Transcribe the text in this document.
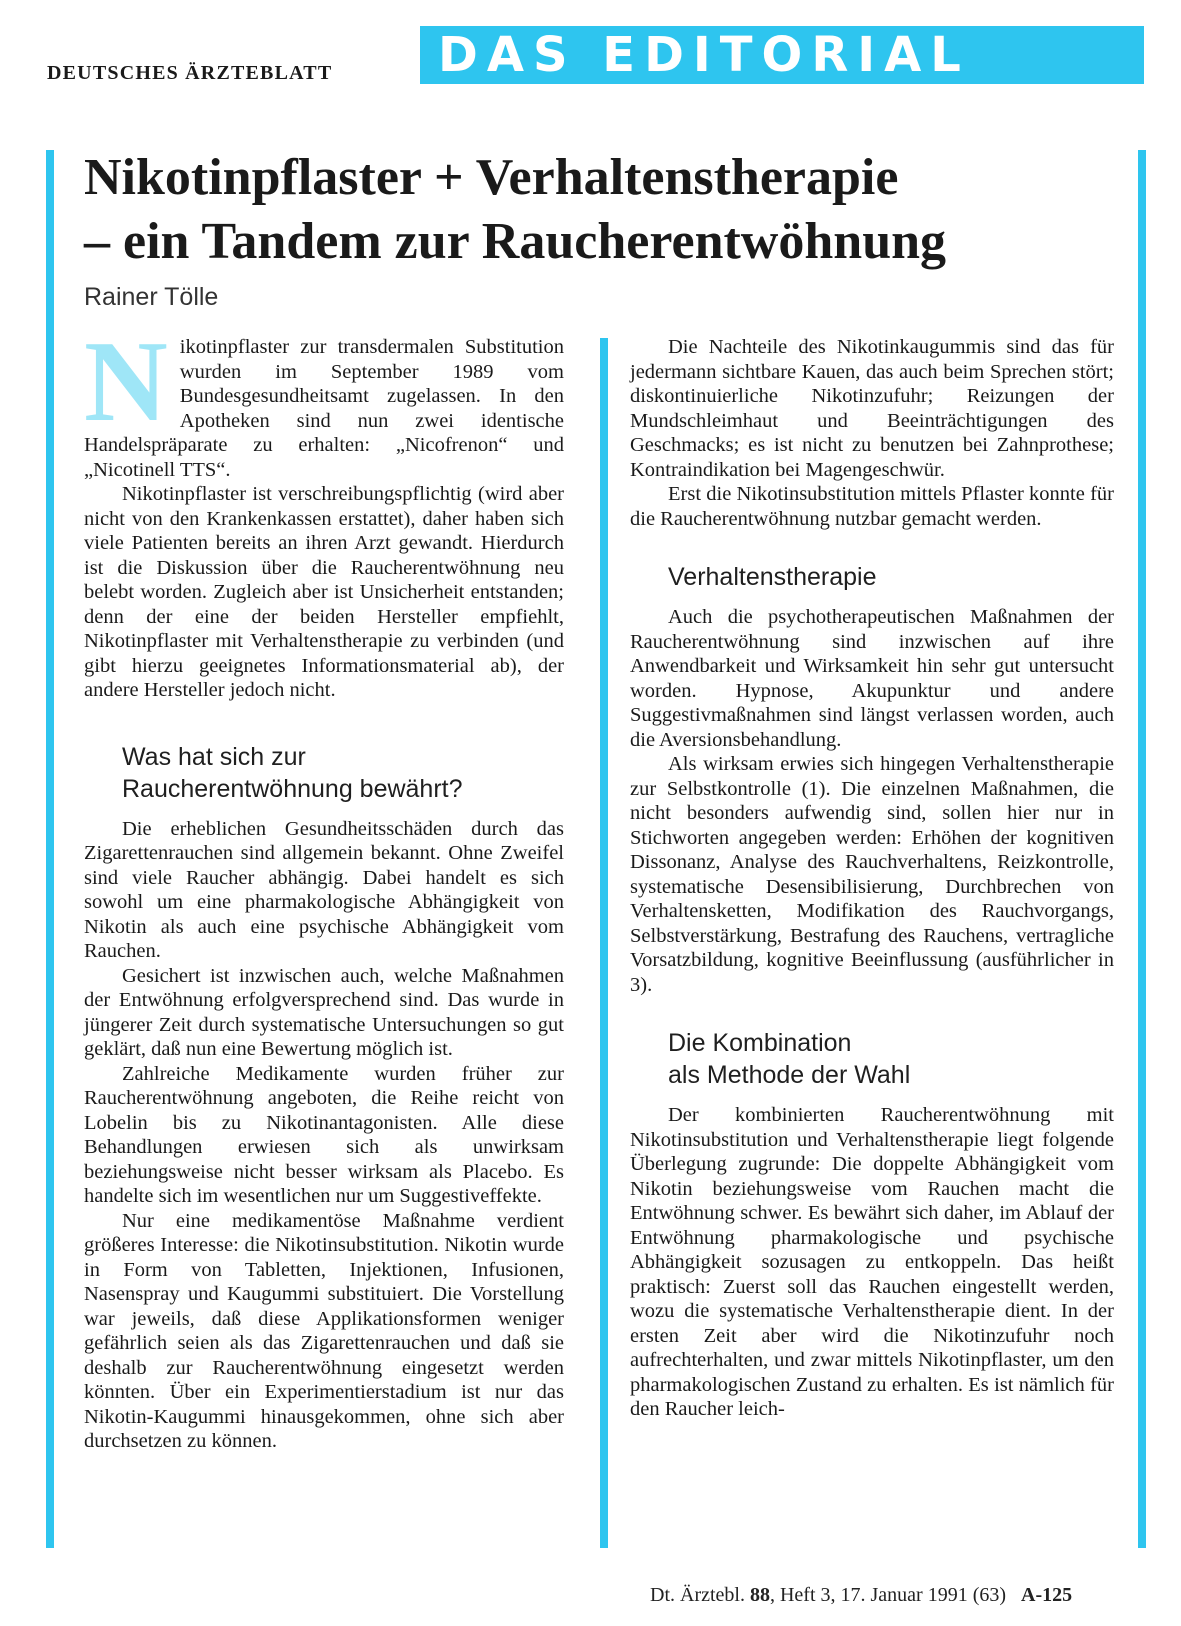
DEUTSCHES ÄRZTEBLATT	DAS EDITORIAL
Nikotinpflaster + Verhaltenstherapie
– ein Tandem zur Raucherentwöhnung
Rainer Tölle

Nikotinpflaster zur transdermalen Substitution wurden im September 1989 vom Bundesgesundheitsamt zugelassen. In den Apotheken sind nun zwei identische Handelspräparate zu erhalten: „Nicofrenon“ und „Nicotinell TTS“.

Nikotinpflaster ist verschreibungspflichtig (wird aber nicht von den Krankenkassen erstattet), daher haben sich viele Patienten bereits an ihren Arzt gewandt. Hierdurch ist die Diskussion über die Raucherentwöhnung neu belebt worden. Zugleich aber ist Unsicherheit entstanden; denn der eine der beiden Hersteller empfiehlt, Nikotinpflaster mit Verhaltenstherapie zu verbinden (und gibt hierzu geeignetes Informationsmaterial ab), der andere Hersteller jedoch nicht.

Was hat sich zur
Raucherentwöhnung bewährt?

Die erheblichen Gesundheitsschäden durch das Zigarettenrauchen sind allgemein bekannt. Ohne Zweifel sind viele Raucher abhängig. Dabei handelt es sich sowohl um eine pharmakologische Abhängigkeit von Nikotin als auch eine psychische Abhängigkeit vom Rauchen.

Gesichert ist inzwischen auch, welche Maßnahmen der Entwöhnung erfolgversprechend sind. Das wurde in jüngerer Zeit durch systematische Untersuchungen so gut geklärt, daß nun eine Bewertung möglich ist.

Zahlreiche Medikamente wurden früher zur Raucherentwöhnung angeboten, die Reihe reicht von Lobelin bis zu Nikotinantagonisten. Alle diese Behandlungen erwiesen sich als unwirksam beziehungsweise nicht besser wirksam als Placebo. Es handelte sich im wesentlichen nur um Suggestiveffekte.

Nur eine medikamentöse Maßnahme verdient größeres Interesse: die Nikotinsubstitution. Nikotin wurde in Form von Tabletten, Injektionen, Infusionen, Nasenspray und Kaugummi substituiert. Die Vorstellung war jeweils, daß diese Applikationsformen weniger gefährlich seien als das Zigarettenrauchen und daß sie deshalb zur Raucherentwöhnung eingesetzt werden könnten. Über ein Experimentierstadium ist nur das Nikotin-Kaugummi hinausgekommen, ohne sich aber durchsetzen zu können.

Die Nachteile des Nikotinkaugummis sind das für jedermann sichtbare Kauen, das auch beim Sprechen stört; diskontinuierliche Nikotinzufuhr; Reizungen der Mundschleimhaut und Beeinträchtigungen des Geschmacks; es ist nicht zu benutzen bei Zahnprothese; Kontraindikation bei Magengeschwür.

Erst die Nikotinsubstitution mittels Pflaster konnte für die Raucherentwöhnung nutzbar gemacht werden.

Verhaltenstherapie

Auch die psychotherapeutischen Maßnahmen der Raucherentwöhnung sind inzwischen auf ihre Anwendbarkeit und Wirksamkeit hin sehr gut untersucht worden. Hypnose, Akupunktur und andere Suggestivmaßnahmen sind längst verlassen worden, auch die Aversionsbehandlung.

Als wirksam erwies sich hingegen Verhaltenstherapie zur Selbstkontrolle (1). Die einzelnen Maßnahmen, die nicht besonders aufwendig sind, sollen hier nur in Stichworten angegeben werden: Erhöhen der kognitiven Dissonanz, Analyse des Rauchverhaltens, Reizkontrolle, systematische Desensibilisierung, Durchbrechen von Verhaltensketten, Modifikation des Rauchvorgangs, Selbstverstärkung, Bestrafung des Rauchens, vertragliche Vorsatzbildung, kognitive Beeinflussung (ausführlicher in 3).

Die Kombination
als Methode der Wahl

Der kombinierten Raucherentwöhnung mit Nikotinsubstitution und Verhaltenstherapie liegt folgende Überlegung zugrunde: Die doppelte Abhängigkeit vom Nikotin beziehungsweise vom Rauchen macht die Entwöhnung schwer. Es bewährt sich daher, im Ablauf der Entwöhnung pharmakologische und psychische Abhängigkeit sozusagen zu entkoppeln. Das heißt praktisch: Zuerst soll das Rauchen eingestellt werden, wozu die systematische Verhaltenstherapie dient. In der ersten Zeit aber wird die Nikotinzufuhr noch aufrechterhalten, und zwar mittels Nikotinpflaster, um den pharmakologischen Zustand zu erhalten. Es ist nämlich für den Raucher leich-

Dt. Ärztebl. 88, Heft 3, 17. Januar 1991 (63) A-125
